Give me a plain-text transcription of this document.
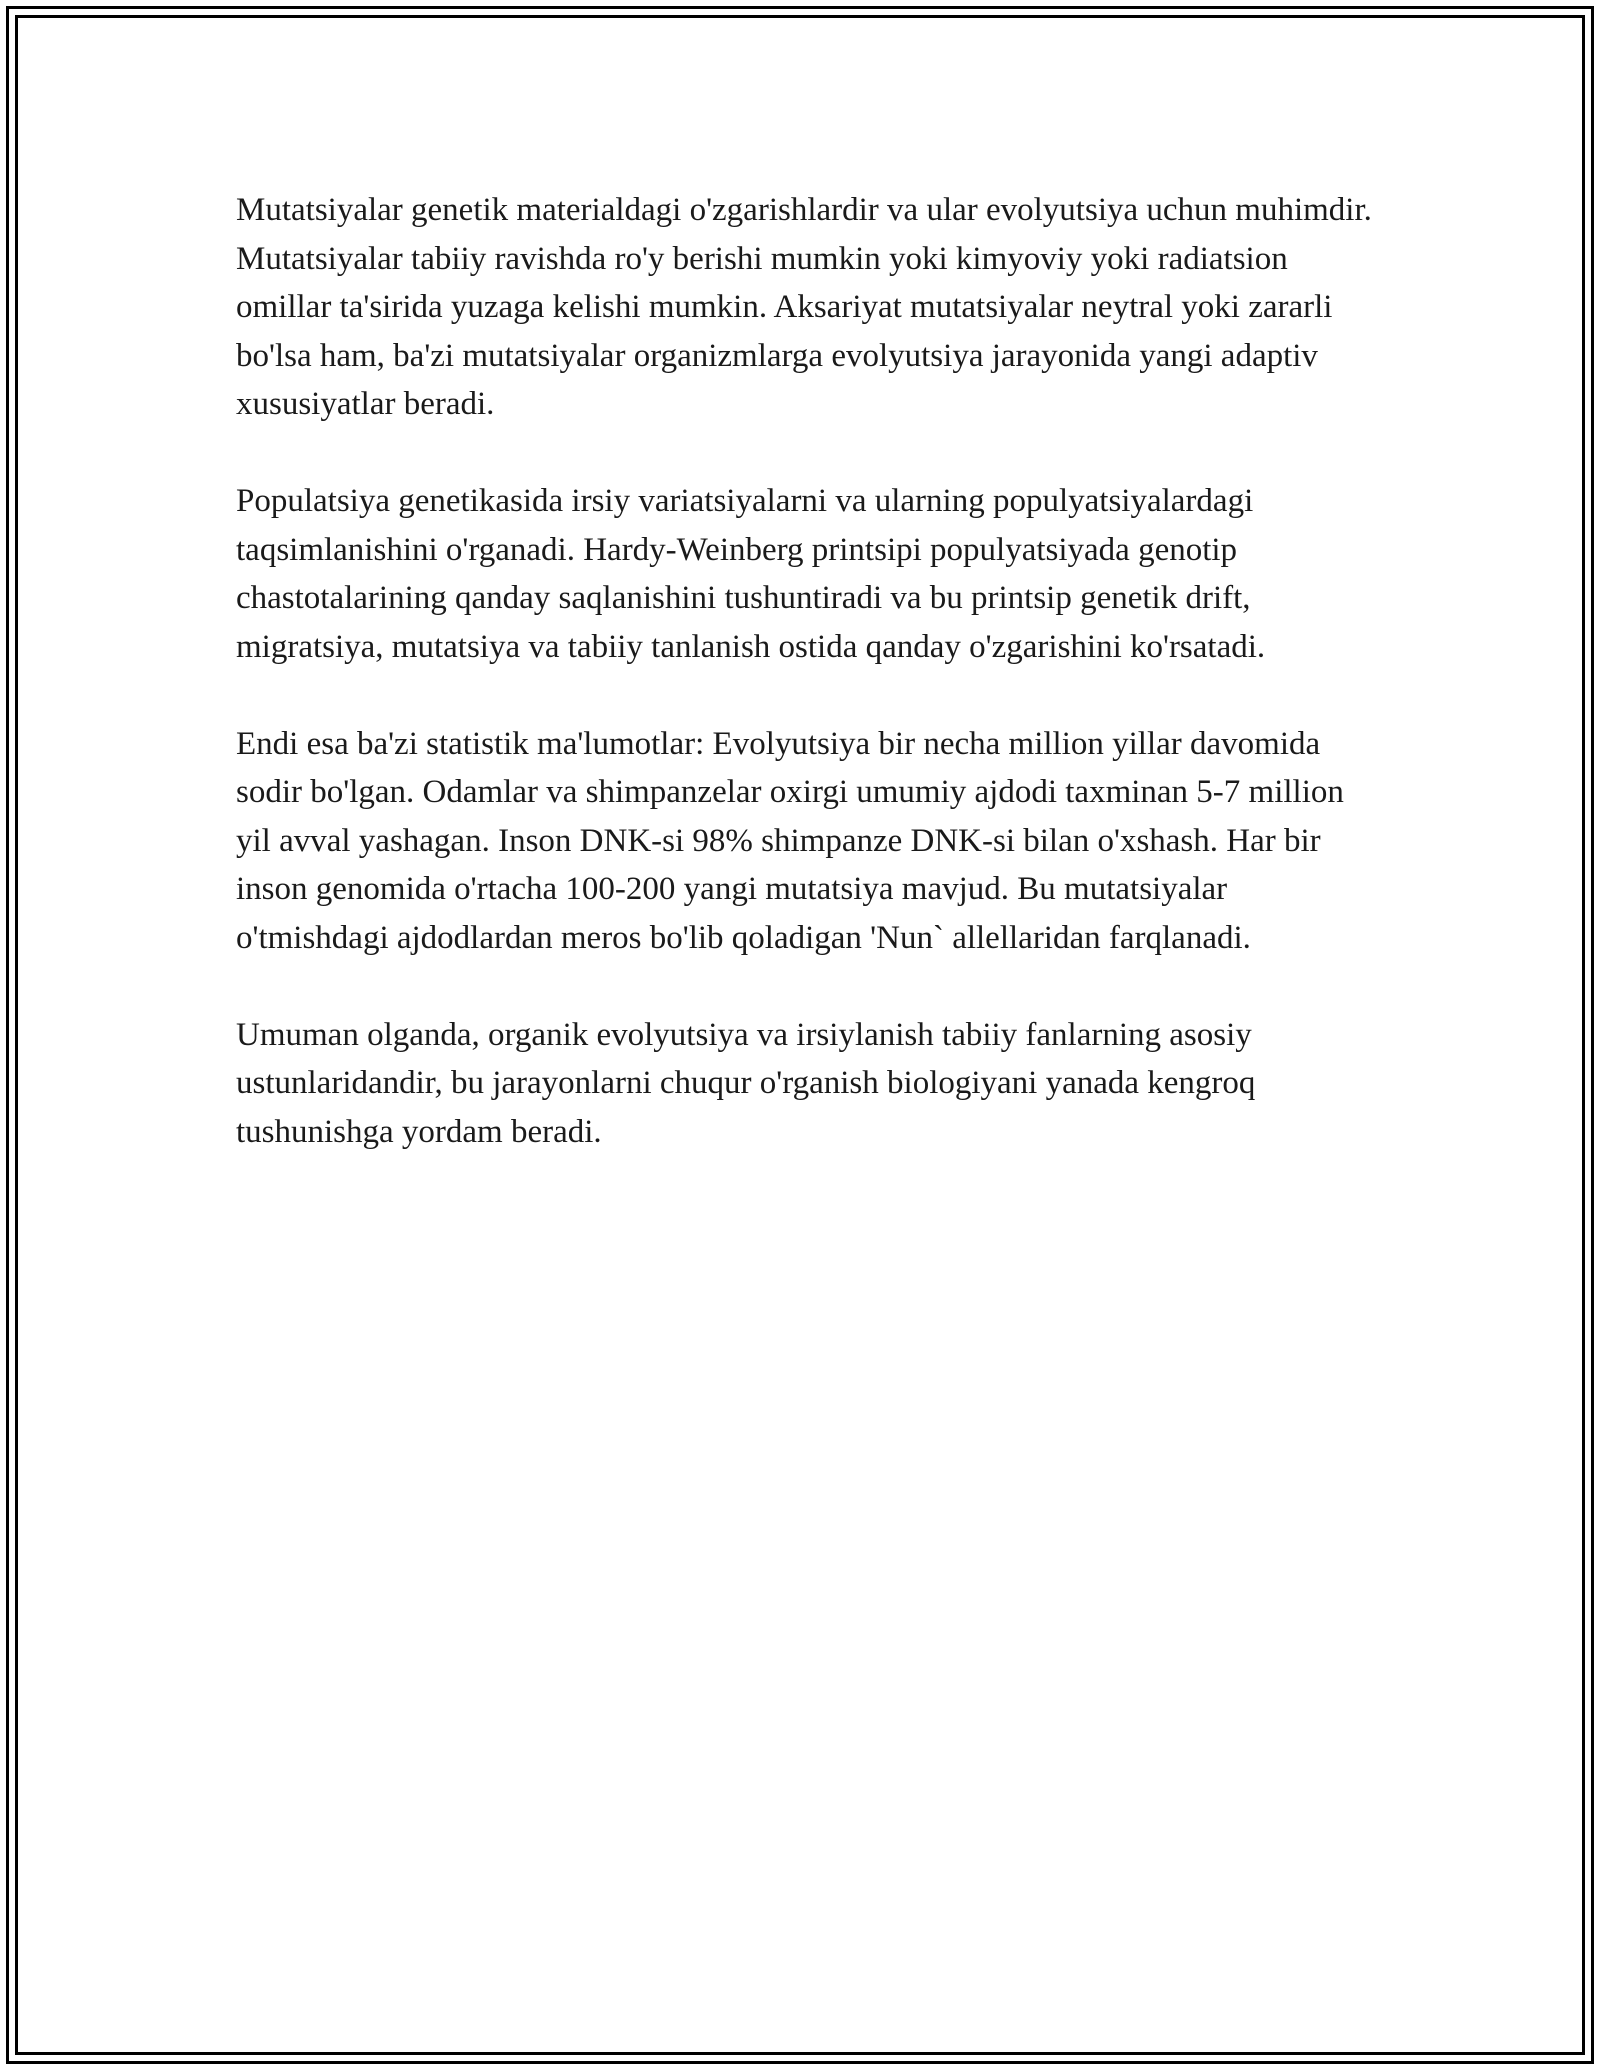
Mutatsiyalar genetik materialdagi o'zgarishlardir va ular evolyutsiya uchun muhimdir. Mutatsiyalar tabiiy ravishda ro'y berishi mumkin yoki kimyoviy yoki radiatsion omillar ta'sirida yuzaga kelishi mumkin. Aksariyat mutatsiyalar neytral yoki zararli bo'lsa ham, ba'zi mutatsiyalar organizmlarga evolyutsiya jarayonida yangi adaptiv xususiyatlar beradi.

Populatsiya genetikasida irsiy variatsiyalarni va ularning populyatsiyalardagi taqsimlanishini o'rganadi. Hardy-Weinberg printsipi populyatsiyada genotip chastotalarining qanday saqlanishini tushuntiradi va bu printsip genetik drift, migratsiya, mutatsiya va tabiiy tanlanish ostida qanday o'zgarishini ko'rsatadi.

Endi esa ba'zi statistik ma'lumotlar: Evolyutsiya bir necha million yillar davomida sodir bo'lgan. Odamlar va shimpanzelar oxirgi umumiy ajdodi taxminan 5-7 million yil avval yashagan. Inson DNK-si 98% shimpanze DNK-si bilan o'xshash. Har bir inson genomida o'rtacha 100-200 yangi mutatsiya mavjud. Bu mutatsiyalar o'tmishdagi ajdodlardan meros bo'lib qoladigan 'Nun` allellaridan farqlanadi.

Umuman olganda, organik evolyutsiya va irsiylanish tabiiy fanlarning asosiy ustunlaridandir, bu jarayonlarni chuqur o'rganish biologiyani yanada kengroq tushunishga yordam beradi.
